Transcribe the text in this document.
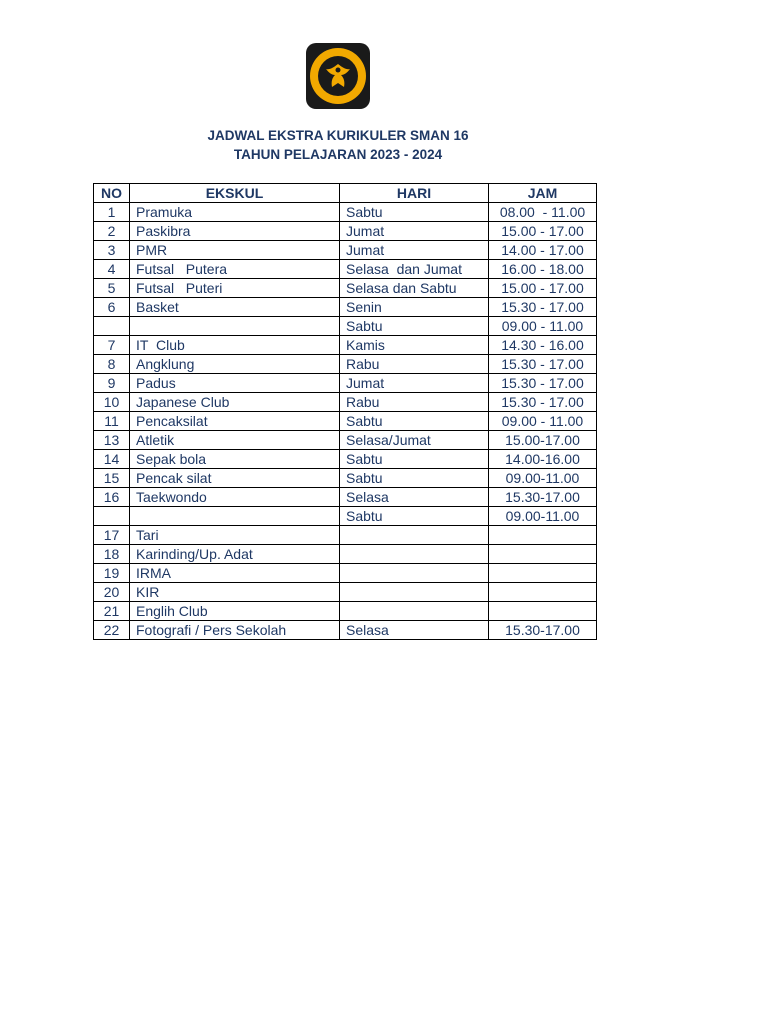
JADWAL EKSTRA KURIKULER SMAN 16
TAHUN PELAJARAN 2023 - 2024
NO	EKSKUL	HARI	JAM
1	Pramuka	Sabtu	08.00  - 11.00
2	Paskibra	Jumat	15.00 - 17.00
3	PMR	Jumat	14.00 - 17.00
4	Futsal   Putera	Selasa  dan Jumat	16.00 - 18.00
5	Futsal   Puteri	Selasa dan Sabtu	15.00 - 17.00
6	Basket	Senin	15.30 - 17.00
		Sabtu	09.00 - 11.00
7	IT  Club	Kamis	14.30 - 16.00
8	Angklung	Rabu	15.30 - 17.00
9	Padus	Jumat	15.30 - 17.00
10	Japanese Club	Rabu	15.30 - 17.00
11	Pencaksilat	Sabtu	09.00 - 11.00
13	Atletik	Selasa/Jumat	15.00-17.00
14	Sepak bola	Sabtu	14.00-16.00
15	Pencak silat	Sabtu	09.00-11.00
16	Taekwondo	Selasa	15.30-17.00
		Sabtu	09.00-11.00
17	Tari		
18	Karinding/Up. Adat		
19	IRMA		
20	KIR		
21	Englih Club		
22	Fotografi / Pers Sekolah	Selasa	15.30-17.00
